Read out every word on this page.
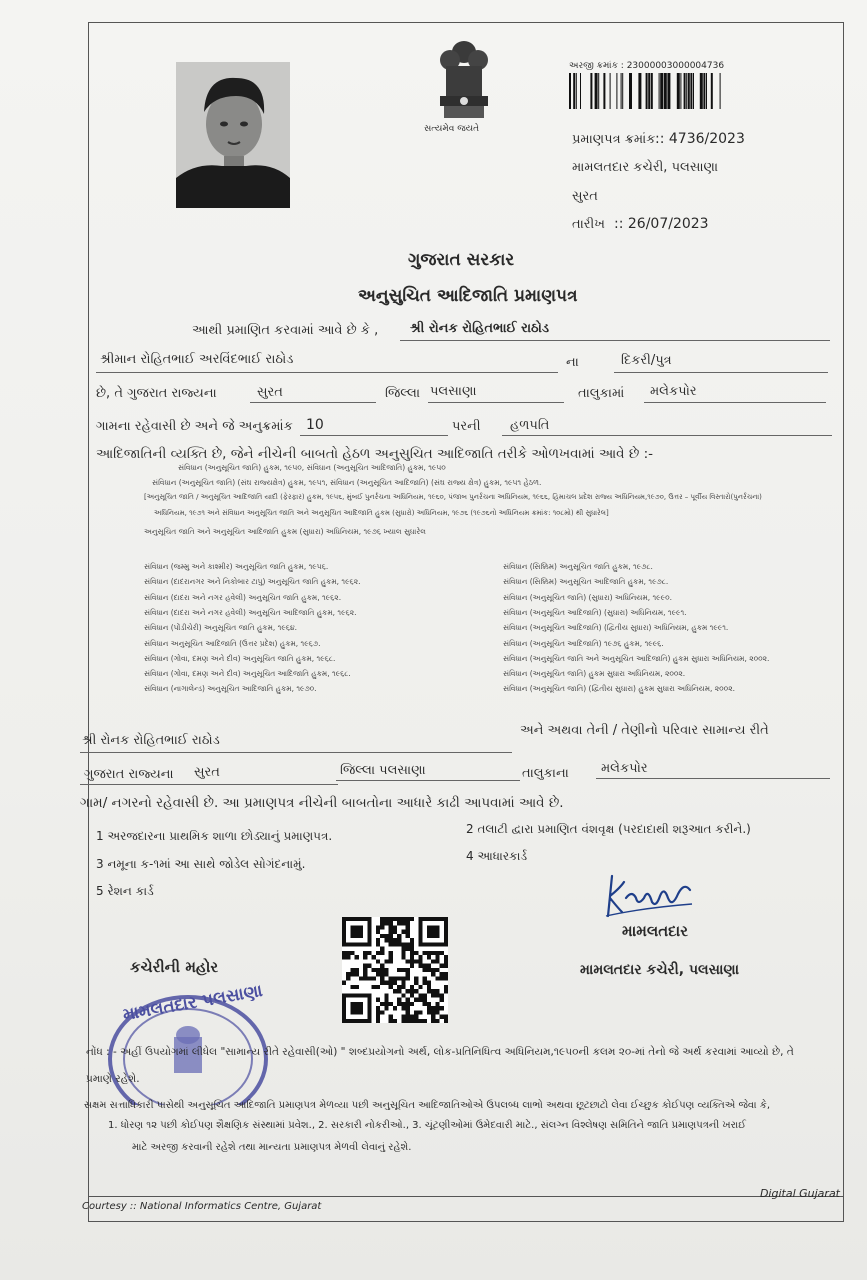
સત્યમેવ જયતે
અરજી ક્રમાંક : 23000003000004736
પ્રમાણપત્ર ક્રમાંક :: 4736/2023
મામલતદાર કચેરી, પલસાણા
સુરત
તારીખ :: 26/07/2023
ગુજરાત સરકાર
અનુસુચિત આદિજાતિ પ્રમાણપત્ર
આથી પ્રમાણિત કરવામાં આવે છે કે , શ્રી રોનક રોહિતભાઈ રાઠોડ
શ્રીમાન રોહિતભાઈ અરવિંદભાઈ રાઠોડ	ના	દિકરી/પુત્ર
છે, તે ગુજરાત રાજ્યના	સુરત	જિલ્લા પલસાણા	તાલુકામાં મલેકપોર
ગામના રહેવાસી છે અને જે અનુક્રમાંક 10	પરની હળપતિ
આદિજાતિની વ્યક્તિ છે, જેને નીચેની બાબતો હેઠળ અનુસુચિત આદિજાતિ તરીકે ઓળખવામાં આવે છે :-
સંવિધાન (અનુસૂચિત જાતિ) હુકમ, ૧૯૫૦, સંવિધાન (અનુસૂચિત આદિજાતિ) હુકમ, ૧૯૫૦
સંવિધાન (અનુસૂચિત જાતિ) (સંઘ રાજ્યક્ષેત્ર) હુકમ, ૧૯૫૧, સંવિધાન (અનુસૂચિત આદિજાતિ) (સંઘ રાજ્ય ક્ષેત્ર) હુકમ, ૧૯૫૧ હેઠળ.
[અનુસૂચિત જાતિ / અનુસૂચિત આદિજાતિ યાદી (ફેરફાર) હુકમ, ૧૯૫૬, મુંબઈ પુનર્રચના અધિનિયમ, ૧૯૬૦, પંજાબ પુનર્રચના અધિનિયમ, ૧૯૬૬, હિમાચલ પ્રદેશ રાજ્ય અધિનિયમ,૧૯૭૦, ઉત્તર – પૂર્વીય વિસ્તારો(પુનર્રચના)
અધિનિયમ, ૧૯૭૧ અને સંવિધાન અનુસૂચિત જાતિ અને અનુસૂચિત આદિજાતિ હુકમ (સુધારો) અધિનિયમ, ૧૯૭૬ (૧૯૭૬નો અધિનિયમ ક્રમાંક: ૧૦૮મો) થી સુધારેલ]
અનુસૂચિત જાતિ અને અનુસૂચિત આદિજાતિ હુકમ (સુધારા) અધિનિયમ, ૧૯૭૬ ખ્યાલ સુધારેલ
સંવિધાન (જમ્મુ અને કાશ્મીર) અનુસૂચિત જાતિ હુકમ, ૧૯૫૬.
સંવિધાન (દાદરાનગર અને નિકોબાર ટાપુ) અનુસૂચિત જાતિ હુકમ, ૧૯૬૨.
સંવિધાન (દાદરા અને નગર હવેલી) અનુસૂચિત જાતિ હુકમ, ૧૯૬૨.
સંવિધાન (દાદરા અને નગર હવેલી) અનુસૂચિત આદિજાતિ હુકમ, ૧૯૬૨.
સંવિધાન (પોંડીચેરી) અનુસૂચિત જાતિ હુકમ, ૧૯૬૪.
સંવિધાન અનુસૂચિત આદિજાતિ (ઉત્તર પ્રદેશ) હુકમ, ૧૯૬૭.
સંવિધાન (ગોવા, દમણ અને દીવ) અનુસૂચિત જાતિ હુકમ, ૧૯૬૮.
સંવિધાન (ગોવા, દમણ અને દીવ) અનુસૂચિત આદિજાતિ હુકમ, ૧૯૬૮.
સંવિધાન (નાગાલેન્ડ) અનુસૂચિત આદિજાતિ હુકમ, ૧૯૭૦.
સંવિધાન (સિક્કિમ) અનુસૂચિત જાતિ હુકમ, ૧૯૭૮.
સંવિધાન (સિક્કિમ) અનુસૂચિત આદિજાતિ હુકમ, ૧૯૭૮.
સંવિધાન (અનુસૂચિત જાતિ) (સુધારા) અધિનિયમ, ૧૯૯૦.
સંવિધાન (અનુસૂચિત આદિજાતિ) (સુધારા) અધિનિયમ, ૧૯૯૧.
સંવિધાન (અનુસૂચિત આદિજાતિ) (દ્વિતીય સુધારા) અધિનિયમ, હુકમ ૧૯૯૧.
સંવિધાન (અનુસૂચિત આદિજાતિ) ૧૯૭૬ હુકમ, ૧૯૯૬.
સંવિધાન (અનુસૂચિત જાતિ અને અનુસૂચિત આદિજાતિ) હુકમ સુધારા અધિનિયમ, ૨૦૦૨.
સંવિધાન (અનુસૂચિત જાતિ) હુકમ સુધારા અધિનિયમ, ૨૦૦૨.
સંવિધાન (અનુસૂચિત જાતિ) (દ્વિતીય સુધારા) હુકમ સુધારા અધિનિયમ, ૨૦૦૨.
શ્રી રોનક રોહિતભાઈ રાઠોડ
અને અથવા તેની / તેણીનો પરિવાર સામાન્ય રીતે
ગુજરાત રાજ્યના સુરત	જિલ્લા પલસાણા	તાલુકાના મલેકપોર
ગામ/ નગરનો રહેવાસી છે. આ પ્રમાણપત્ર નીચેની બાબતોના આધારે કાઢી આપવામાં આવે છે.
1 અરજદારના પ્રાથમિક શાળા છોડ્યાનું પ્રમાણપત્ર.	2 તલાટી દ્વારા પ્રમાણિત વંશવૃક્ષ (પરદાદાથી શરૂઆત કરીને.)
3 નમૂના ક-૧માં આ સાથે જોડેલ સોગંદનામું.
4 આધારકાર્ડ
5 રેશન કાર્ડ
મામલતદાર
મામલતદાર કચેરી, પલસાણા
કચેરીની મહોર
મામલતદાર પલસાણા
નોંધ : - અહીં ઉપયોગમાં લીધેલ "સામાન્ય રીતે રહેવાસી(ઓ) " શબ્દપ્રયોગનો અર્થ, લોક-પ્રતિનિધિત્વ અધિનિયમ,૧૯૫૦ની કલમ ૨૦-માં તેનો જે અર્થ કરવામાં આવ્યો છે, તે
પ્રમાણે રહેશે.
સક્ષમ સત્તાધિકારી પાસેથી અનુસૂચિત આદિજાતિ પ્રમાણપત્ર મેળવ્યા પછી અનુસૂચિત આદિજાતિઓએ ઉપલબ્ધ લાભો અથવા છૂટછાટો લેવા ઈચ્છુક કોઈપણ વ્યક્તિએ જેવા કે,
1. ધોરણ ૧૨ પછી કોઈપણ શૈક્ષણિક સંસ્થામાં પ્રવેશ., 2. સરકારી નોકરીઓ., 3. ચૂંટણીઓમાં ઉમેદવારી માટે., સંલગ્ન વિશ્લેષણ સમિતિને જાતિ પ્રમાણપત્રની ખરાઈ
માટે અરજી કરવાની રહેશે તથા માન્યતા પ્રમાણપત્ર મેળવી લેવાનું રહેશે.
Courtesy :: National Informatics Centre, Gujarat
Digital Gujarat
